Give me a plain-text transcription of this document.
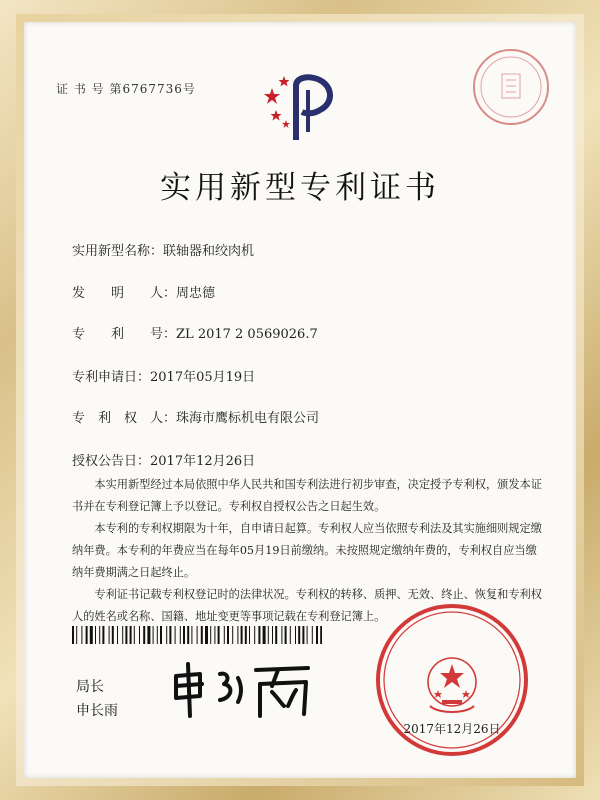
证 书 号 第6767736号
实用新型专利证书
实用新型名称：联轴器和绞肉机
发　　明　　人：周忠德
专　　利　　号：ZL 2017 2 0569026.7
专利申请日：2017年05月19日
专　利　权　人：珠海市鹰标机电有限公司
授权公告日：2017年12月26日

本实用新型经过本局依照中华人民共和国专利法进行初步审查，决定授予专利权，颁发本证书并在专利登记簿上予以登记。专利权自授权公告之日起生效。

本专利的专利权期限为十年，自申请日起算。专利权人应当依照专利法及其实施细则规定缴纳年费。本专利的年费应当在每年05月19日前缴纳。未按照规定缴纳年费的，专利权自应当缴纳年费期满之日起终止。

专利证书记载专利权登记时的法律状况。专利权的转移、质押、无效、终止、恢复和专利权人的姓名或名称、国籍、地址变更等事项记载在专利登记簿上。

局长
申长雨
2017年12月26日
